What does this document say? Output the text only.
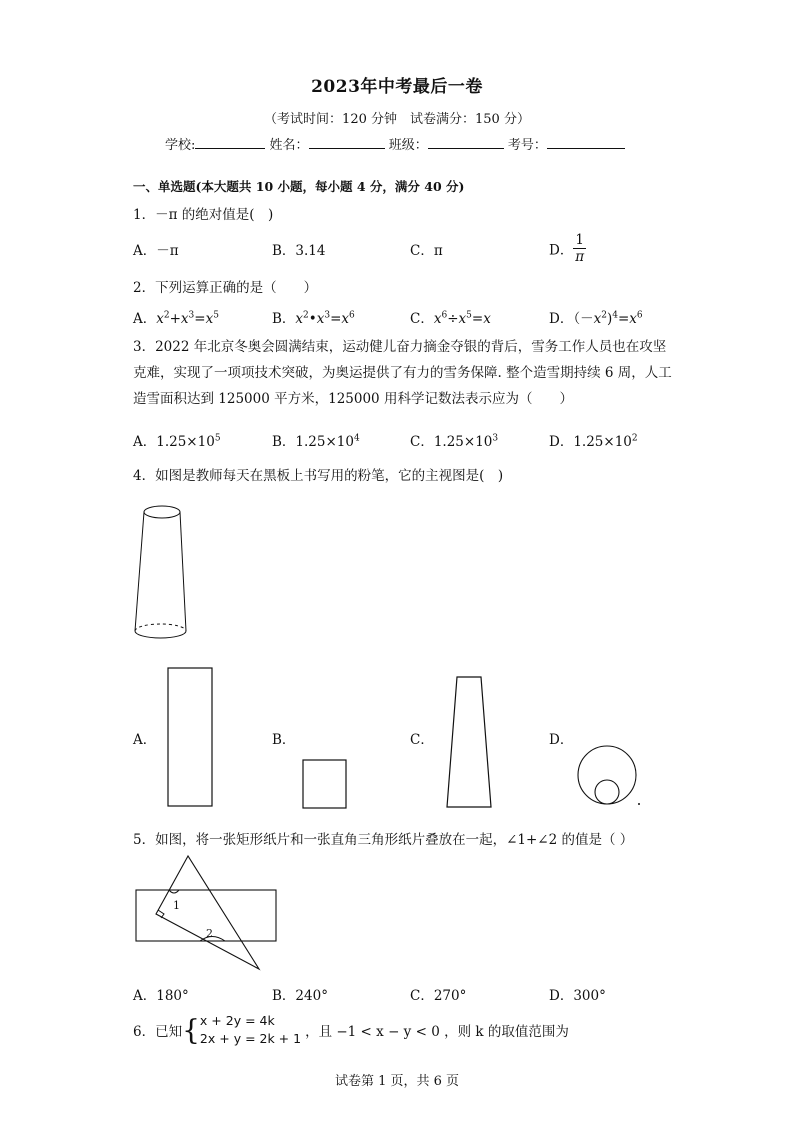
2023年中考最后一卷
（考试时间：120 分钟　试卷满分：150 分）
学校:	姓名：	班级：	考号：
一、单选题(本大题共 10 小题，每小题 4 分，满分 40 分)
1．－π 的绝对值是(　)
A．－π	B．3.14	C．π	D． $\frac{1}{\pi}$
2．下列运算正确的是（　　）
A．$x^2+x^3=x^5$	B．$x^2•x^3=x^6$	C．$x^6\div x^5=x$	D．$(-x^2)^4=x^6$
3．2022 年北京冬奥会圆满结束，运动健儿奋力摘金夺银的背后，雪务工作人员也在攻坚克难，实现了一项项技术突破，为奥运提供了有力的雪务保障. 整个造雪期持续 6 周，人工造雪面积达到 125000 平方米，125000 用科学记数法表示应为（　　）
A．$1.25\times 10^5$	B．$1.25\times 10^4$	C．$1.25\times 10^3$	D．$1.25\times 10^2$
4．如图是教师每天在黑板上书写用的粉笔，它的主视图是(　)
A．	B．	C．	D．
5．如图，将一张矩形纸片和一张直角三角形纸片叠放在一起，∠1+∠2 的值是（ ）
1
2
A．180°	B．240°	C．270°	D．300°
6．已知{ x + 2y = 4k
2x + y = 2k + 1 ，且 −1 < x − y < 0 ，则 k 的取值范围为
试卷第 1 页，共 6 页
